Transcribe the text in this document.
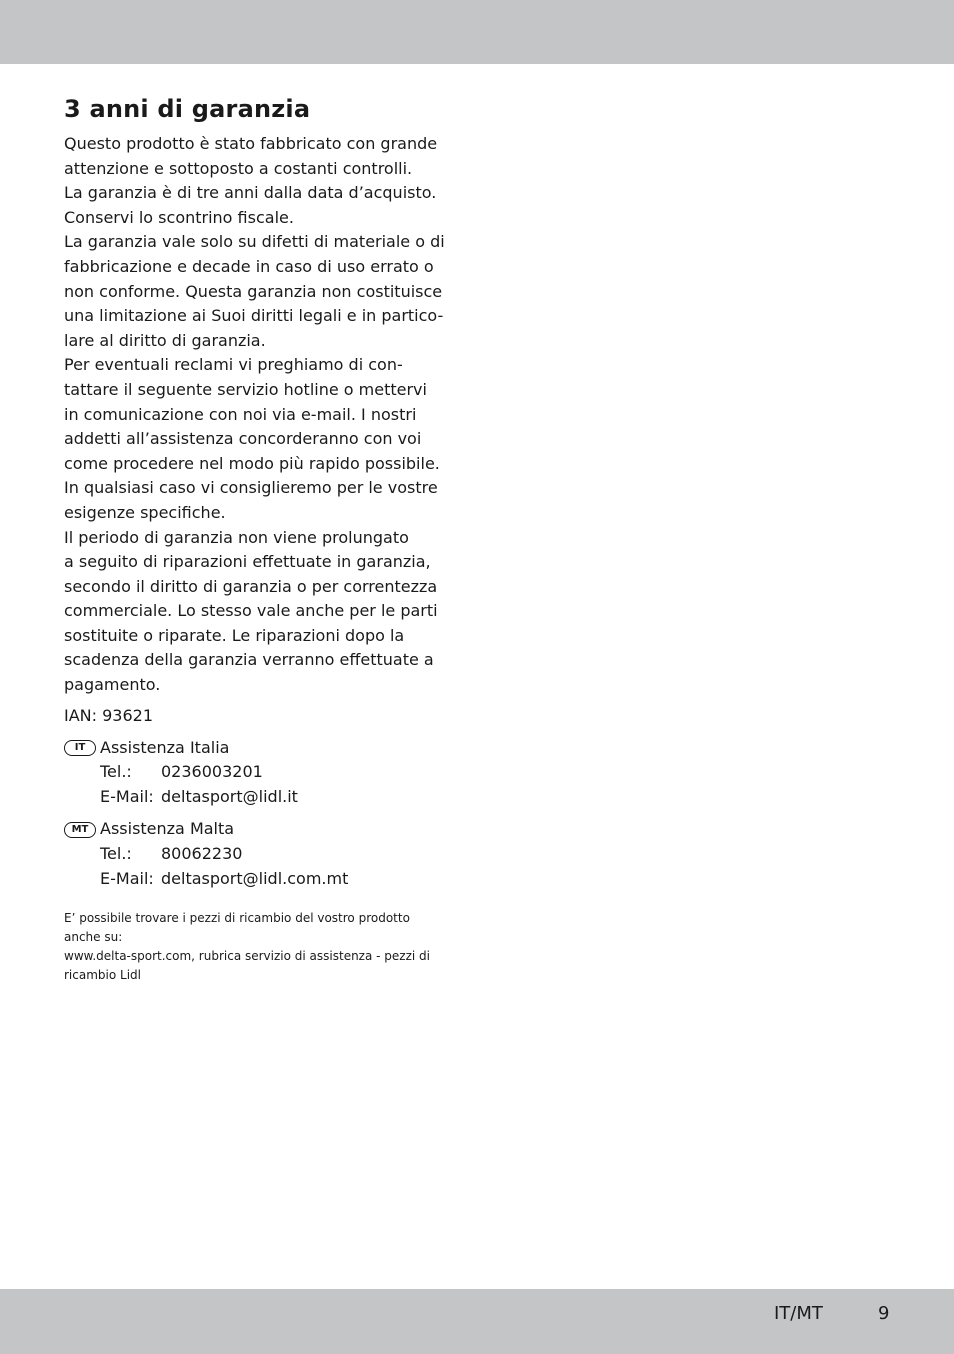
3 anni di garanzia

Questo prodotto è stato fabbricato con grande
attenzione e sottoposto a costanti controlli.
La garanzia è di tre anni dalla data d’acquisto.
Conservi lo scontrino fiscale.
La garanzia vale solo su difetti di materiale o di
fabbricazione e decade in caso di uso errato o
non conforme. Questa garanzia non costituisce
una limitazione ai Suoi diritti legali e in partico-
lare al diritto di garanzia.
Per eventuali reclami vi preghiamo di con-
tattare il seguente servizio hotline o mettervi
in comunicazione con noi via e-mail. I nostri
addetti all’assistenza concorderanno con voi
come procedere nel modo più rapido possibile.
In qualsiasi caso vi consiglieremo per le vostre
esigenze specifiche.
Il periodo di garanzia non viene prolungato
a seguito di riparazioni effettuate in garanzia,
secondo il diritto di garanzia o per correntezza
commerciale. Lo stesso vale anche per le parti
sostituite o riparate. Le riparazioni dopo la
scadenza della garanzia verranno effettuate a
pagamento.

IAN: 93621
IT Assistenza Italia
Tel.:	0236003201
E-Mail: deltasport@lidl.it
MT Assistenza Malta
Tel.:	80062230
E-Mail: deltasport@lidl.com.mt
E’ possibile trovare i pezzi di ricambio del vostro prodotto
anche su:
www.delta-sport.com, rubrica servizio di assistenza - pezzi di
ricambio Lidl
IT/MT	9
